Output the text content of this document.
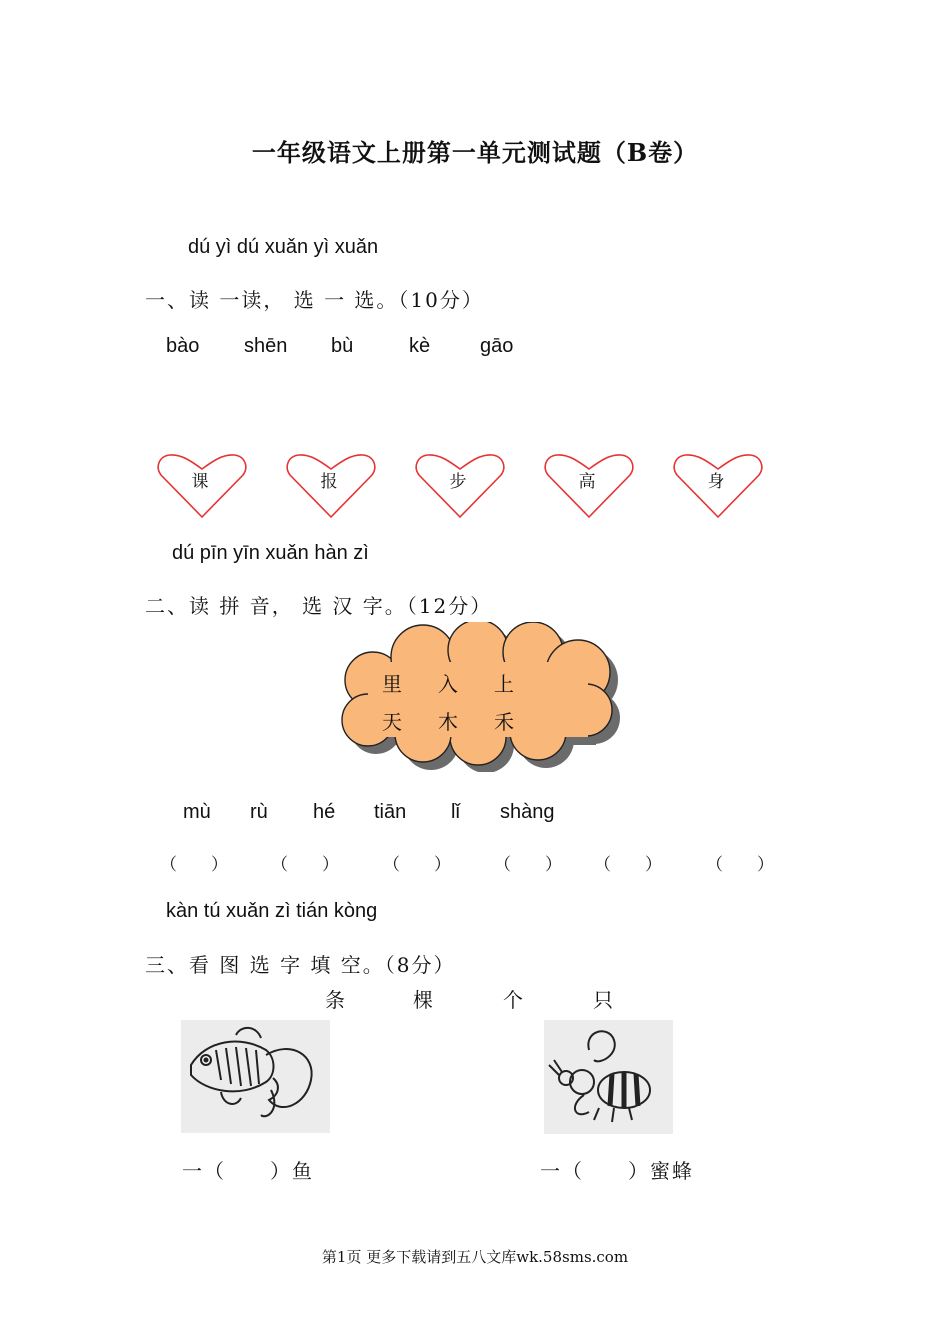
一年级语文上册第一单元测试题（B卷）
dú yì dú xuǎn yì xuǎn
一、读 一读， 选 一 选。（10分）
bào shēn bù	kè gāo
课	报	步	高	身
dú pīn yīn xuǎn hàn zì
二、读 拼 音， 选 汉 字。（12分）
里 入 上
天 木 禾
mù rù hé tiān lǐ shàng
（　　）	（　　）	（　　）	（　　） （　　）	（　　）
kàn tú xuǎn zì tián kòng
三、看 图 选 字 填 空。（8分）
条	棵	个	只
一（　　）鱼	一（　　）蜜蜂
第1页 更多下载请到五八文库wk.58sms.com
